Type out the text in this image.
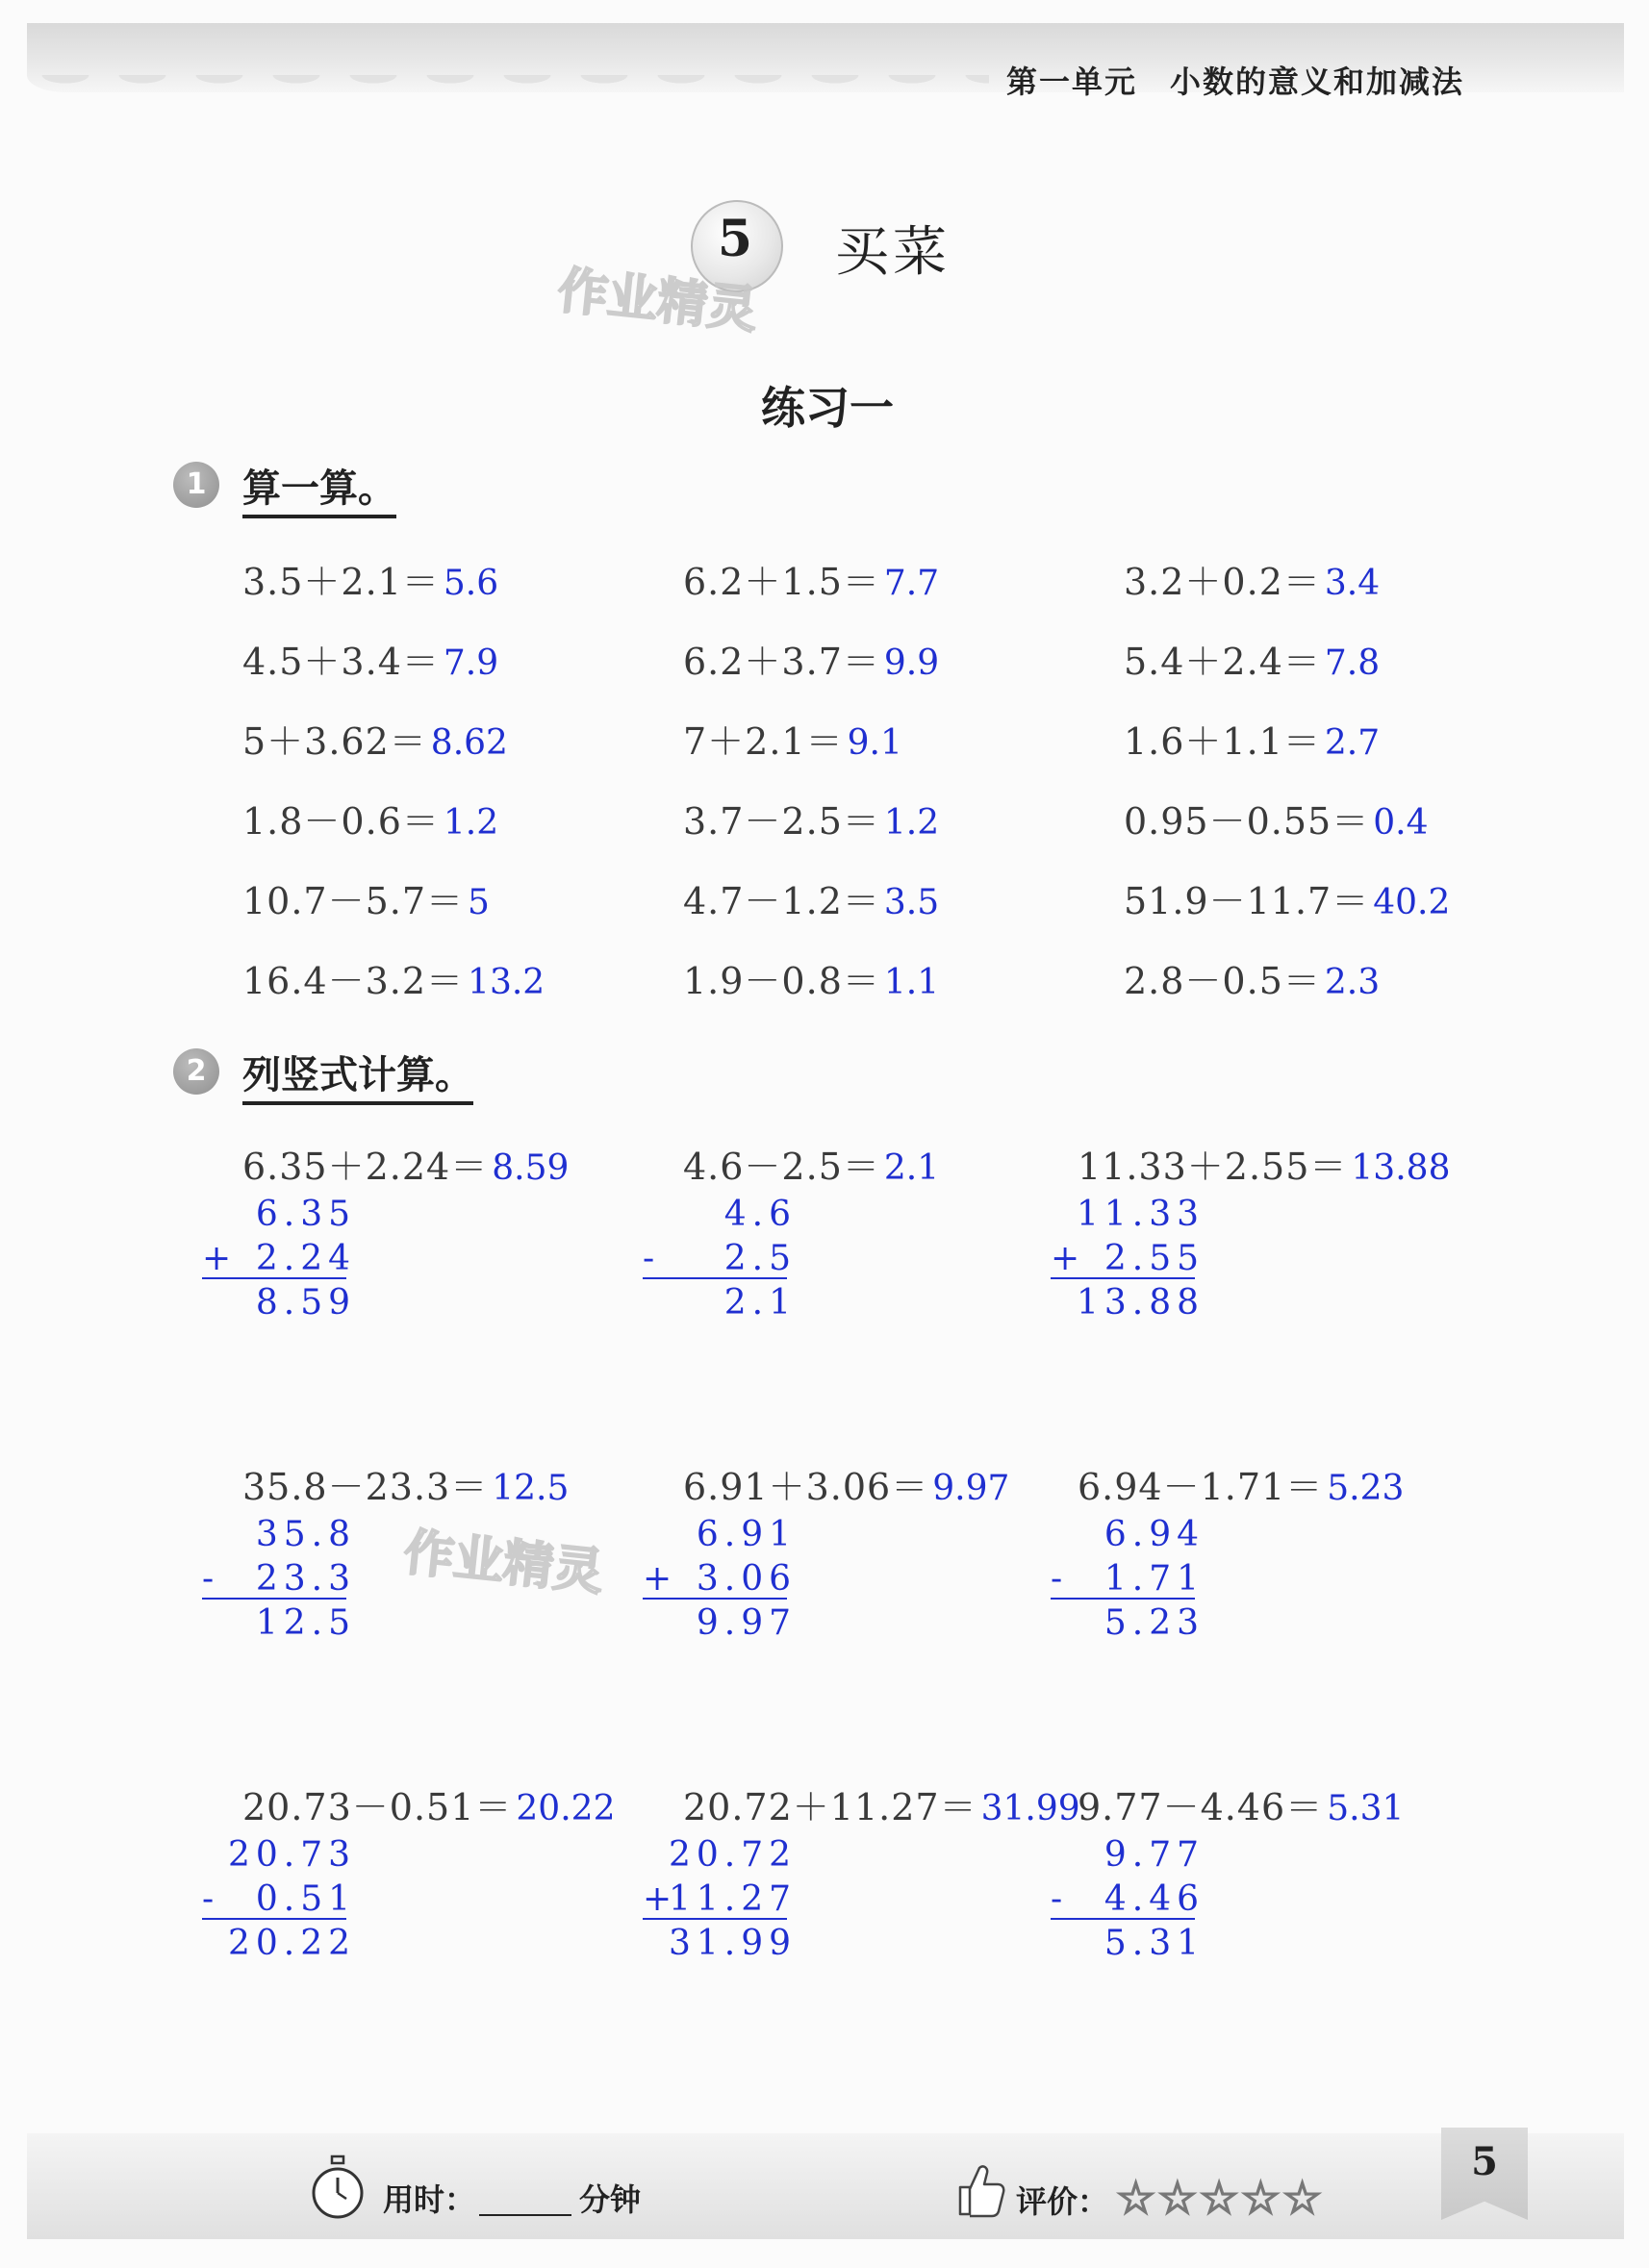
第一单元　小数的意义和加减法
5	买菜
作业精灵
作业精灵
练习一
1 算一算。
3.5＋2.1＝ 5.6	6.2＋1.5＝ 7.7	3.2＋0.2＝ 3.4
4.5＋3.4＝ 7.9	6.2＋3.7＝ 9.9	5.4＋2.4＝ 7.8
5＋3.62＝ 8.62	7＋2.1＝ 9.1	1.6＋1.1＝ 2.7
1.8－0.6＝ 1.2	3.7－2.5＝ 1.2	0.95－0.55＝ 0.4
10.7－5.7＝ 5	4.7－1.2＝ 3.5	51.9－11.7＝ 40.2
16.4－3.2＝ 13.2	1.9－0.8＝ 1.1	2.8－0.5＝ 2.3
2 列竖式计算。
6.35＋2.24＝ 8.59
6.35
+ 2.24
8.59
4.6－2.5＝ 2.1
4.6
- 2.5
2.1
11.33＋2.55＝ 13.88
11.33
+ 2.55
13.88
35.8－23.3＝ 12.5
35.8
- 23.3
12.5
6.91＋3.06＝ 9.97
6.91
+ 3.06
9.97
6.94－1.71＝ 5.23
6.94
- 1.71
5.23
20.73－0.51＝ 20.22
20.73
- 0.51
20.22
20.72＋11.27＝ 31.99
20.72
+
11.27
31.99
9.77－4.46＝ 5.31
9.77
- 4.46
5.31
用时：	分钟	评价： ☆☆☆☆☆
5
